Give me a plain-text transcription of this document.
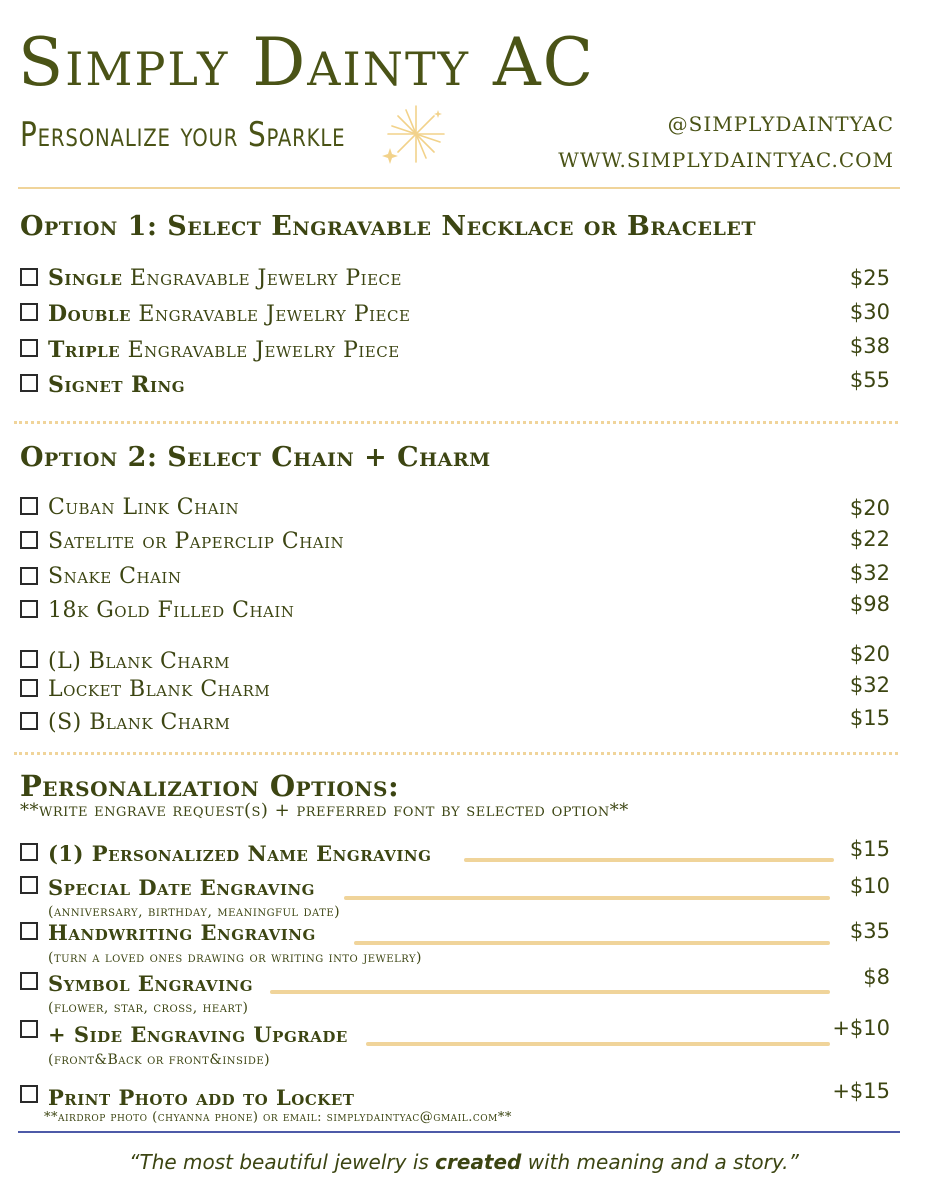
Simply Dainty AC
Personalize your Sparkle	@SIMPLYDAINTYAC
WWW.SIMPLYDAINTYAC.COM
Option 1: Select Engravable Necklace or Bracelet
Single Engravable Jewelry Piece	$25
Double Engravable Jewelry Piece	$30
Triple Engravable Jewelry Piece	$38
Signet Ring	$55
Option 2: Select Chain + Charm
Cuban Link Chain	$20
Satelite or Paperclip Chain	$22
Snake Chain	$32
18k Gold Filled Chain	$98
(L) Blank Charm	$20
Locket Blank Charm	$32
(S) Blank Charm	$15
Personalization Options:
**write engrave request(s) + preferred font by selected option**
(1) Personalized Name Engraving	$15
Special Date Engraving	$10
(anniversary, birthday, meaningful date)
Handwriting Engraving	$35
(turn a loved ones drawing or writing into jewelry)
Symbol Engraving	$8
(flower, star, cross, heart)
+ Side Engraving Upgrade	+$10
(front&Back or front&inside)
Print Photo add to Locket	+$15
**airdrop photo (chyanna phone) or email: simplydaintyac@gmail.com**
“The most beautiful jewelry is created with meaning and a story.”
